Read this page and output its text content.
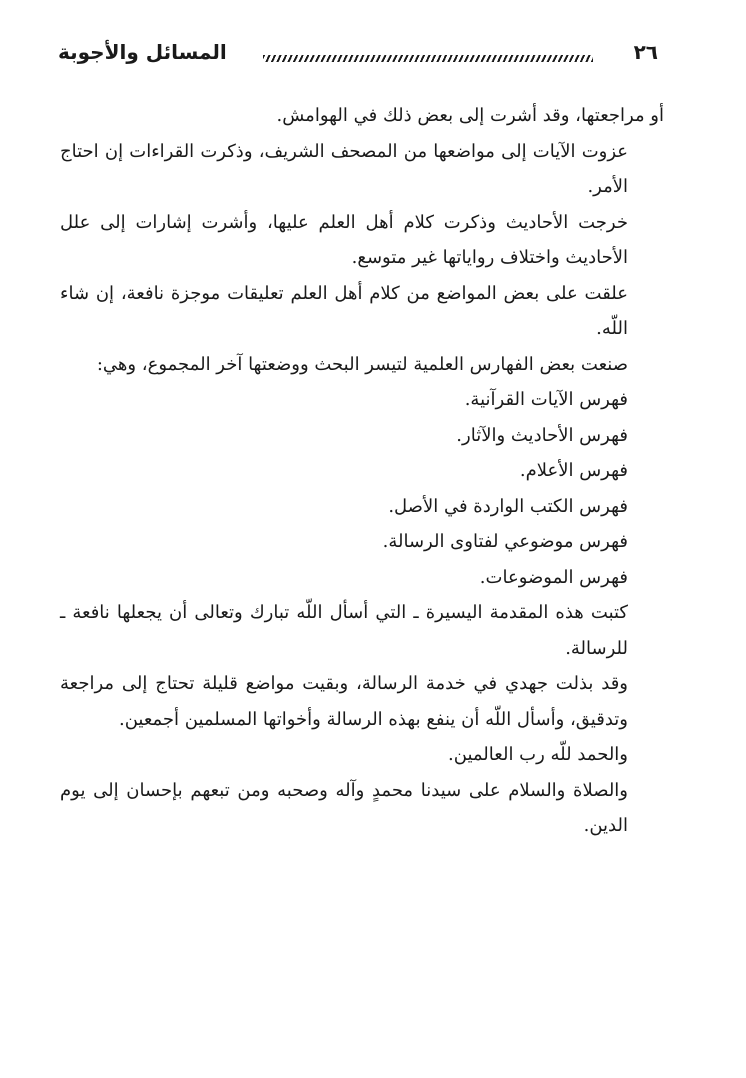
المسائل والأجوبة	٢٦

أو مراجعتها، وقد أشرت إلى بعض ذلك في الهوامش.

عزوت الآيات إلى مواضعها من المصحف الشريف، وذكرت القراءات إن احتاج الأمر.

خرجت الأحاديث وذكرت كلام أهل العلم عليها، وأشرت إشارات إلى علل الأحاديث واختلاف رواياتها غير متوسع.

علقت على بعض المواضع من كلام أهل العلم تعليقات موجزة نافعة، إن شاء اللّه.

صنعت بعض الفهارس العلمية لتيسر البحث ووضعتها آخر المجموع، وهي:

فهرس الآيات القرآنية.

فهرس الأحاديث والآثار.

فهرس الأعلام.

فهرس الكتب الواردة في الأصل.

فهرس موضوعي لفتاوى الرسالة.

فهرس الموضوعات.

كتبت هذه المقدمة اليسيرة ـ التي أسأل اللّه تبارك وتعالى أن يجعلها نافعة ـ للرسالة.

وقد بذلت جهدي في خدمة الرسالة، وبقيت مواضع قليلة تحتاج إلى مراجعة وتدقيق، وأسأل اللّه أن ينفع بهذه الرسالة وأخواتها المسلمين أجمعين.

والحمد للّه رب العالمين.

والصلاة والسلام على سيدنا محمدٍ وآله وصحبه ومن تبعهم بإحسان إلى يوم الدين.
